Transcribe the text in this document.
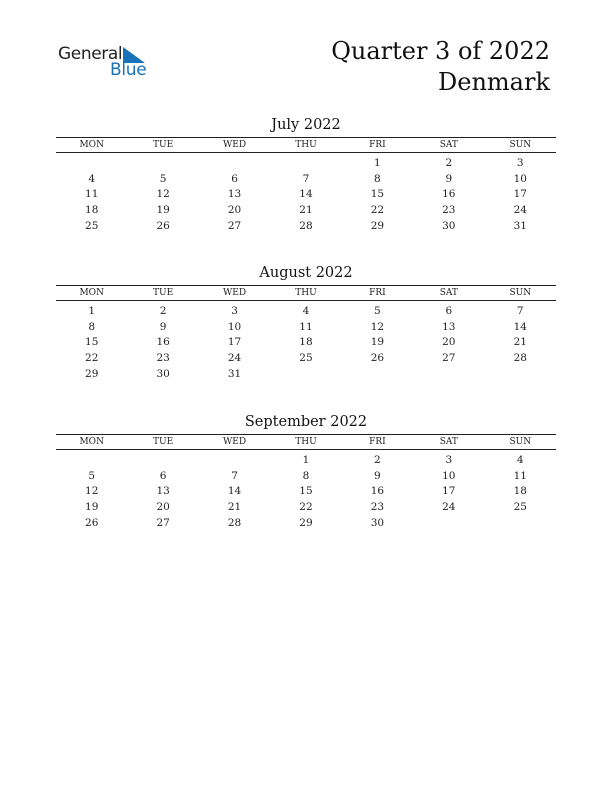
General
Blue
Quarter 3 of 2022
Denmark
July 2022
MON	TUE	WED	THU	FRI	SAT	SUN
				1	2	3
4	5	6	7	8	9	10
11	12	13	14	15	16	17
18	19	20	21	22	23	24
25	26	27	28	29	30	31
August 2022
MON	TUE	WED	THU	FRI	SAT	SUN
1	2	3	4	5	6	7
8	9	10	11	12	13	14
15	16	17	18	19	20	21
22	23	24	25	26	27	28
29	30	31				
September 2022
MON	TUE	WED	THU	FRI	SAT	SUN
			1	2	3	4
5	6	7	8	9	10	11
12	13	14	15	16	17	18
19	20	21	22	23	24	25
26	27	28	29	30		
